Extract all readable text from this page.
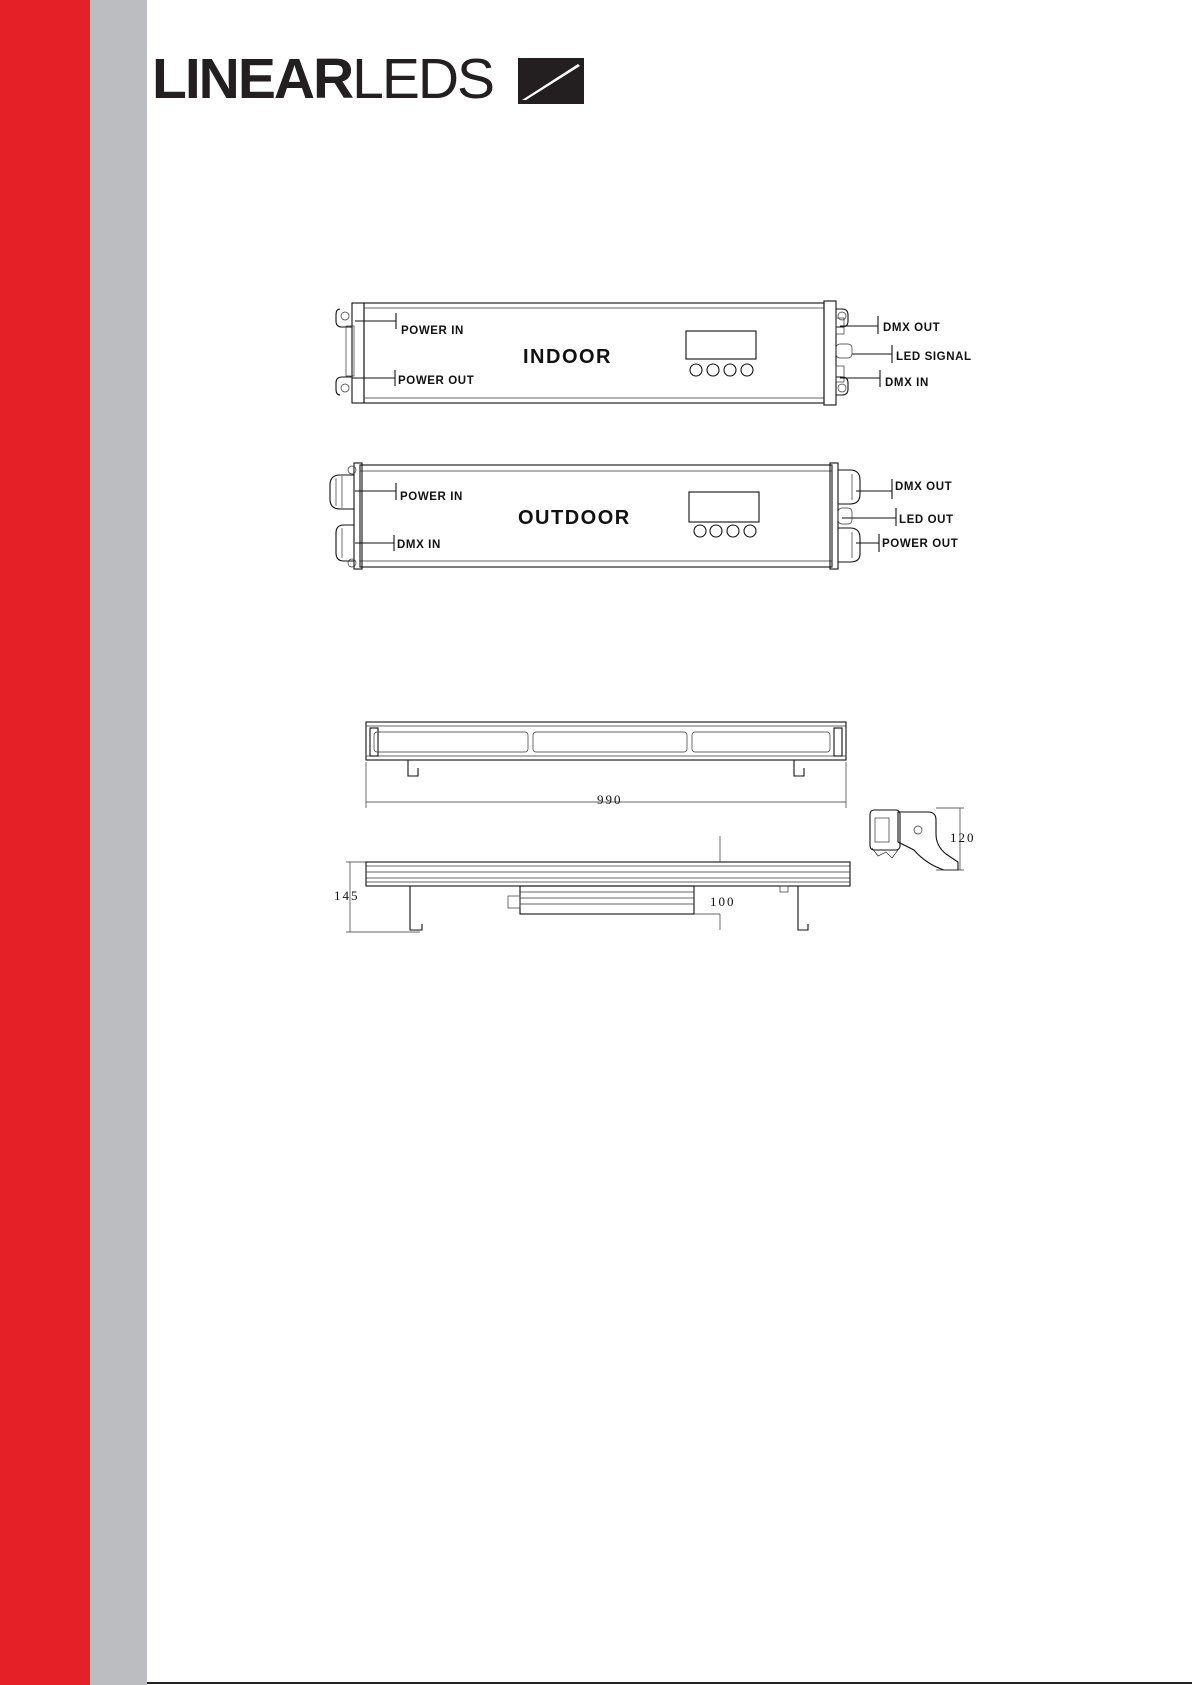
LINEARLEDS
INDOOR
POWER IN
POWER OUT
DMX OUT
LED SIGNAL
DMX IN
OUTDOOR
POWER IN
DMX IN
DMX OUT
LED OUT
POWER OUT
990
145	100
120
